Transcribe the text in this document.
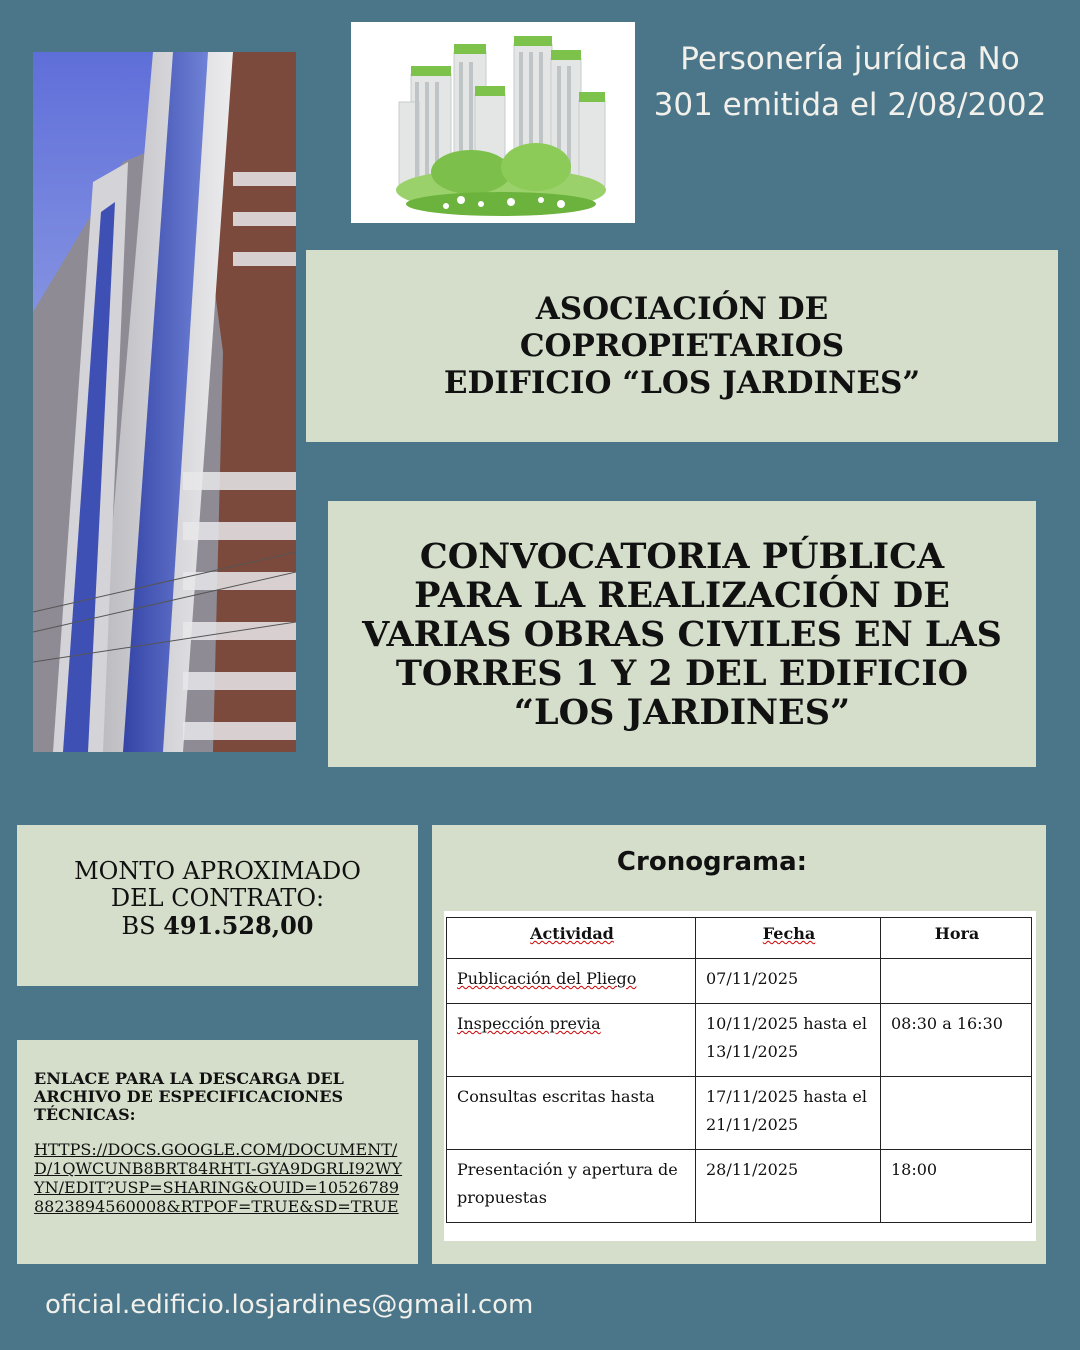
Personería jurídica No
301 emitida el 2/08/2002
ASOCIACIÓN DE
COPROPIETARIOS
EDIFICIO “LOS JARDINES”
CONVOCATORIA PÚBLICA
PARA LA REALIZACIÓN DE
VARIAS OBRAS CIVILES EN LAS
TORRES 1 Y 2 DEL EDIFICIO
“LOS JARDINES”
MONTO APROXIMADO
DEL CONTRATO:
BS 491.528,00
ENLACE PARA LA DESCARGA DEL ARCHIVO DE ESPECIFICACIONES TÉCNICAS:
HTTPS://DOCS.GOOGLE.COM/DOCUMENT/D/1QWCUNB8BRT84RHTI-GYA9DGRLI92WYYN/EDIT?USP=SHARING&OUID=105267898823894560008&RTPOF=TRUE&SD=TRUE
Cronograma:
Actividad	Fecha	Hora
Publicación del Pliego	07/11/2025	
Inspección previa	10/11/2025 hasta el 13/11/2025	08:30 a 16:30
Consultas escritas hasta	17/11/2025 hasta el 21/11/2025	
Presentación y apertura de propuestas	28/11/2025	18:00
oficial.edificio.losjardines@gmail.com
